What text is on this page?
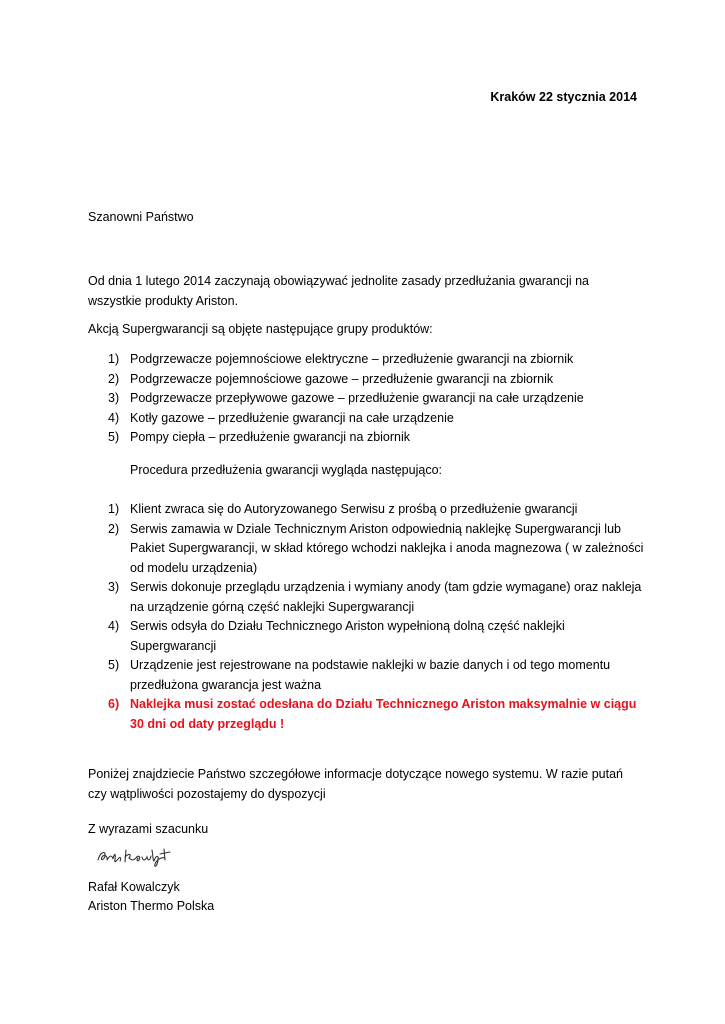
Kraków 22 stycznia 2014
Szanowni Państwo
Od dnia 1 lutego 2014 zaczynają obowiązywać jednolite zasady przedłużania gwarancji na wszystkie produkty Ariston.
Akcją Supergwarancji są objęte następujące grupy produktów:
1) Podgrzewacze pojemnościowe elektryczne – przedłużenie gwarancji na zbiornik
2) Podgrzewacze pojemnościowe gazowe – przedłużenie gwarancji na zbiornik
3) Podgrzewacze przepływowe gazowe – przedłużenie gwarancji na całe urządzenie
4) Kotły gazowe – przedłużenie gwarancji na całe urządzenie
5) Pompy ciepła – przedłużenie gwarancji na zbiornik
Procedura przedłużenia gwarancji wygląda następująco:
1) Klient zwraca się do Autoryzowanego Serwisu z prośbą o przedłużenie gwarancji
2) Serwis zamawia w Dziale Technicznym Ariston odpowiednią naklejkę Supergwarancji lub Pakiet Supergwarancji, w skład którego wchodzi naklejka i anoda magnezowa ( w zależności od modelu urządzenia)
3) Serwis dokonuje przeglądu urządzenia i wymiany anody (tam gdzie wymagane) oraz nakleja na urządzenie górną część naklejki Supergwarancji
4) Serwis odsyła do Działu Technicznego Ariston wypełnioną dolną część naklejki Supergwarancji
5) Urządzenie jest rejestrowane na podstawie naklejki w bazie danych i od tego momentu przedłużona gwarancja jest ważna
6) Naklejka musi zostać odesłana do Działu Technicznego Ariston maksymalnie w ciągu 30 dni od daty przeglądu !
Poniżej znajdziecie Państwo szczegółowe informacje dotyczące nowego systemu. W razie putań czy wątpliwości pozostajemy do dyspozycji
Z wyrazami szacunku
Rafał Kowalczyk
Ariston Thermo Polska
